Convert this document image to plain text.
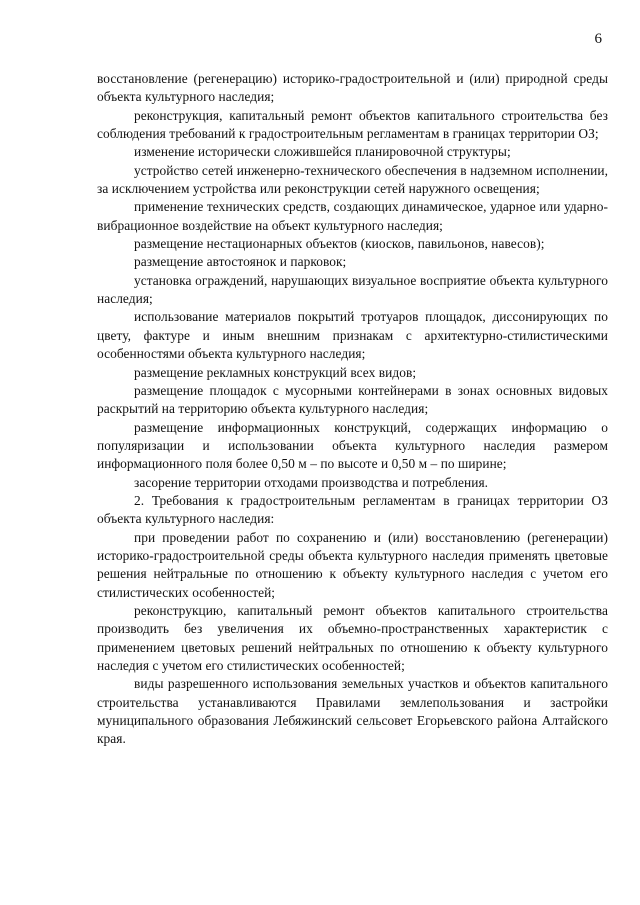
6

восстановление (регенерацию) историко-градостроительной и (или) природной среды объекта культурного наследия;

реконструкция, капитальный ремонт объектов капитального строительства без соблюдения требований к градостроительным регламентам в границах территории ОЗ;

изменение исторически сложившейся планировочной структуры;

устройство сетей инженерно-технического обеспечения в надземном исполнении, за исключением устройства или реконструкции сетей наружного освещения;

применение технических средств, создающих динамическое, ударное или ударно-вибрационное воздействие на объект культурного наследия;

размещение нестационарных объектов (киосков, павильонов, навесов);

размещение автостоянок и парковок;

установка ограждений, нарушающих визуальное восприятие объекта культурного наследия;

использование материалов покрытий тротуаров площадок, диссонирующих по цвету, фактуре и иным внешним признакам с архитектурно-стилистическими особенностями объекта культурного наследия;

размещение рекламных конструкций всех видов;

размещение площадок с мусорными контейнерами в зонах основных видовых раскрытий на территорию объекта культурного наследия;

размещение информационных конструкций, содержащих информацию о популяризации и использовании объекта культурного наследия размером информационного поля более 0,50 м – по высоте и 0,50 м – по ширине;

засорение территории отходами производства и потребления.

2. Требования к градостроительным регламентам в границах территории ОЗ объекта культурного наследия:

при проведении работ по сохранению и (или) восстановлению (регенерации) историко-градостроительной среды объекта культурного наследия применять цветовые решения нейтральные по отношению к объекту культурного наследия с учетом его стилистических особенностей;

реконструкцию, капитальный ремонт объектов капитального строительства производить без увеличения их объемно-пространственных характеристик с применением цветовых решений нейтральных по отношению к объекту культурного наследия с учетом его стилистических особенностей;

виды разрешенного использования земельных участков и объектов капитального строительства устанавливаются Правилами землепользования и застройки муниципального образования Лебяжинский сельсовет Егорьевского района Алтайского края.
